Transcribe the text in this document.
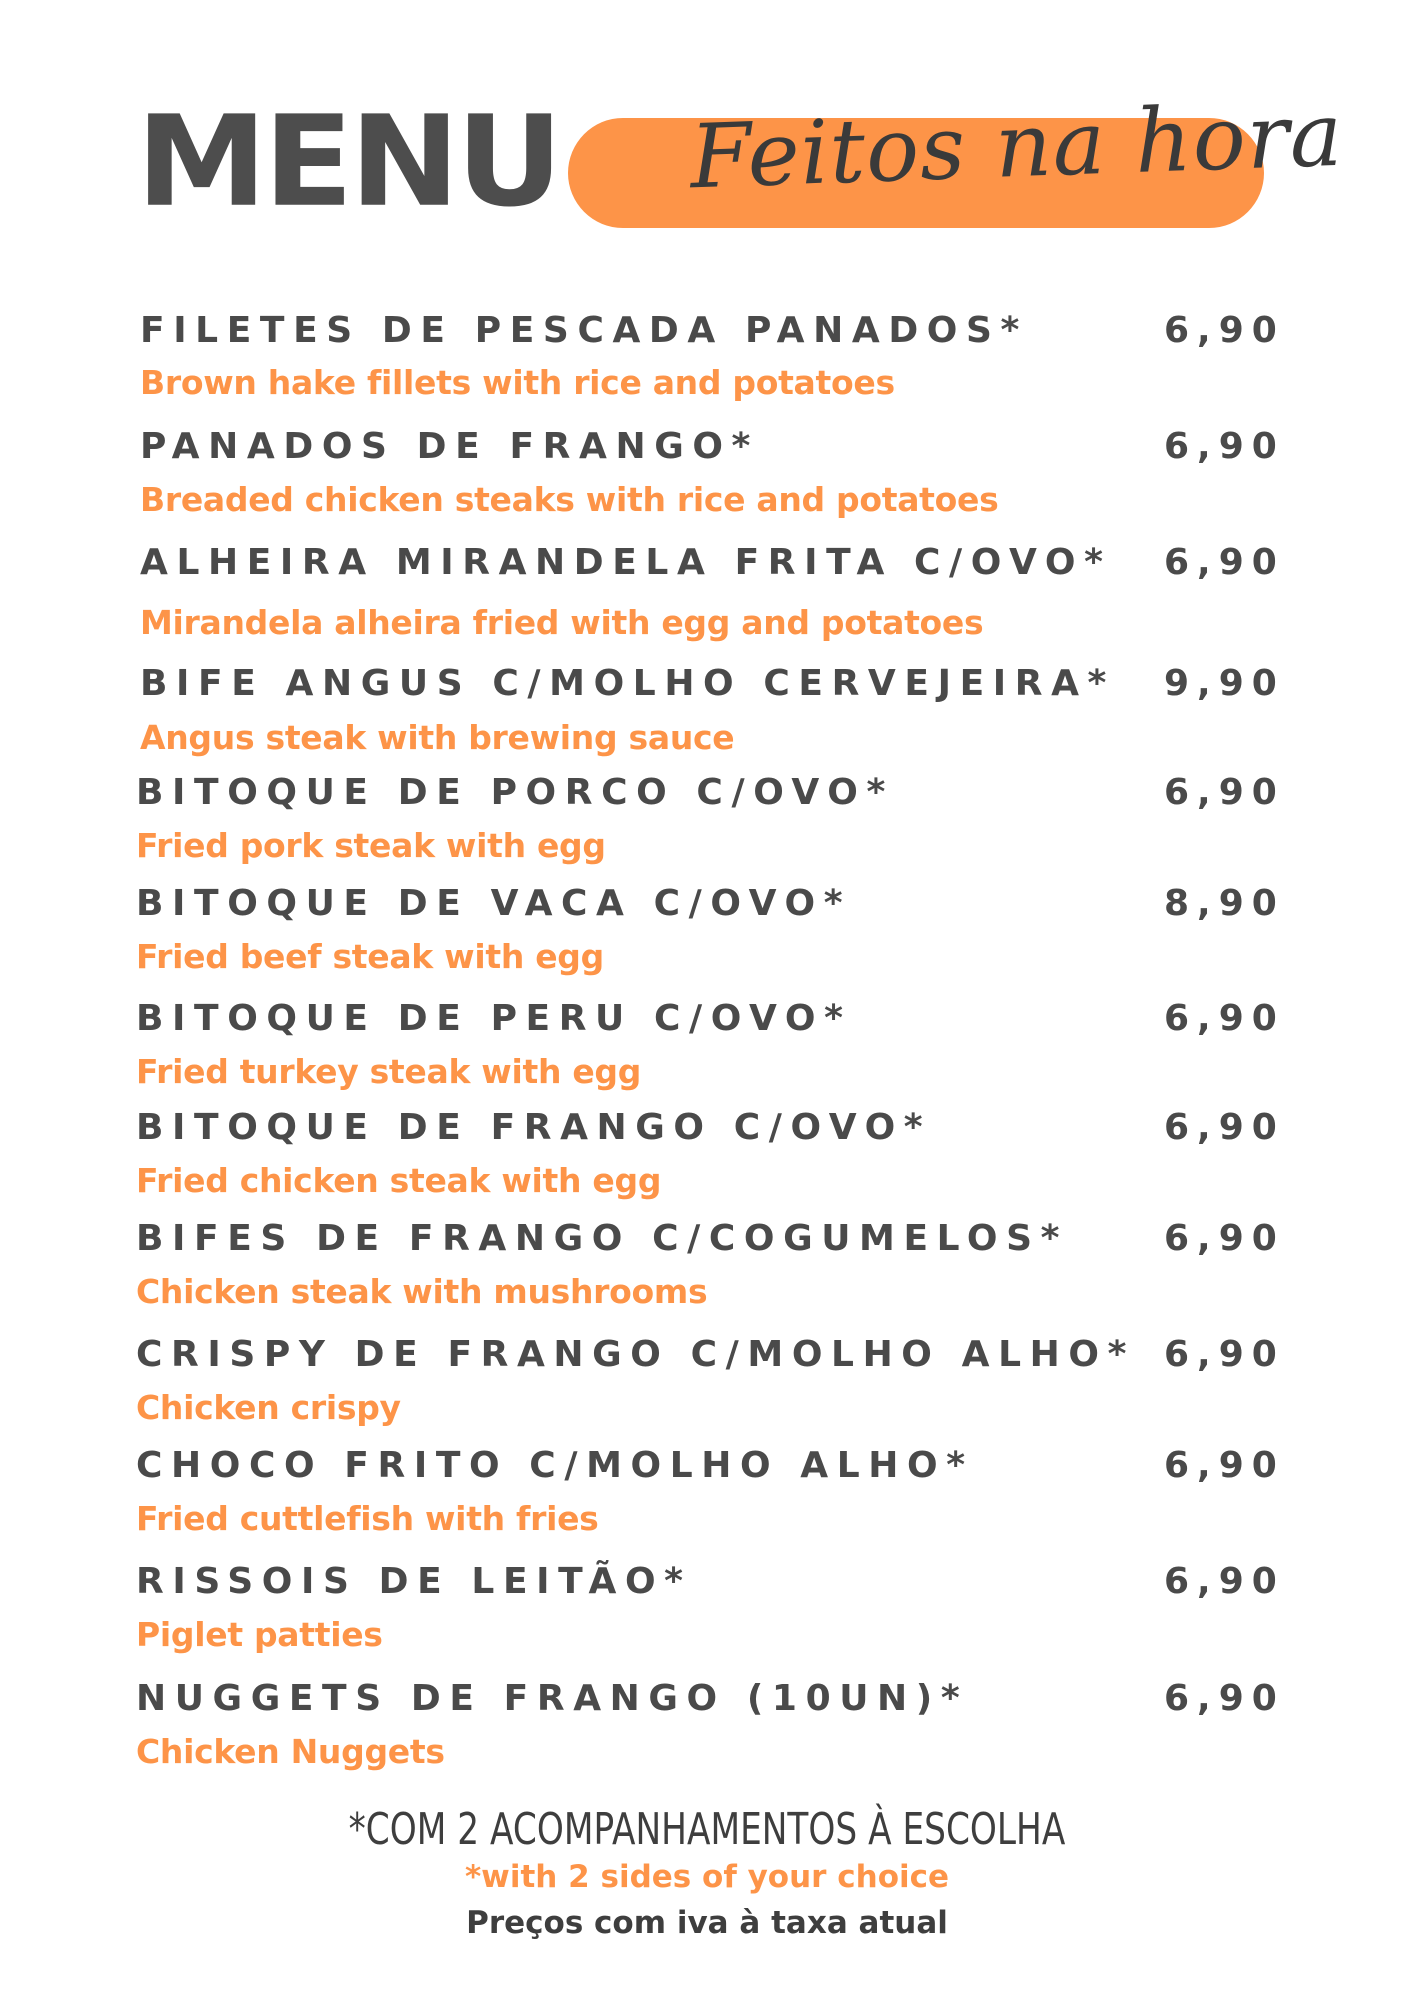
MENU Feitos na hora
FILETES DE PESCADA PANADOS*	6,90
Brown hake fillets with rice and potatoes
PANADOS DE FRANGO*	6,90
Breaded chicken steaks with rice and potatoes
ALHEIRA MIRANDELA FRITA C/OVO* 6,90
Mirandela alheira fried with egg and potatoes
BIFE ANGUS C/MOLHO CERVEJEIRA* 9,90
Angus steak with brewing sauce
BITOQUE DE PORCO C/OVO*	6,90
Fried pork steak with egg
BITOQUE DE VACA C/OVO*	8,90
Fried beef steak with egg
BITOQUE DE PERU C/OVO*	6,90
Fried turkey steak with egg
BITOQUE DE FRANGO C/OVO*	6,90
Fried chicken steak with egg
BIFES DE FRANGO C/COGUMELOS*	6,90
Chicken steak with mushrooms
CRISPY DE FRANGO C/MOLHO ALHO* 6,90
Chicken crispy
CHOCO FRITO C/MOLHO ALHO*	6,90
Fried cuttlefish with fries
RISSOIS DE LEITÃO*	6,90
Piglet patties
NUGGETS DE FRANGO (10UN)*	6,90
Chicken Nuggets
*COM 2 ACOMPANHAMENTOS À ESCOLHA
*with 2 sides of your choice
Preços com iva à taxa atual
